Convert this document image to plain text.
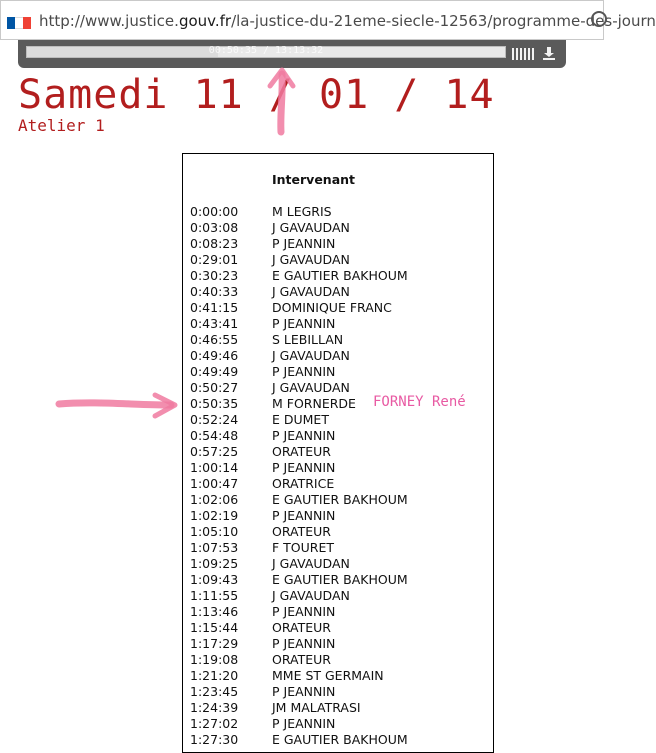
http://www.justice.gouv.fr/la-justice-du-21eme-siecle-12563/programme-des-journ
00:50:35 / 13:13:32
Samedi 11 / 01 / 14
Atelier 1
Intervenant
0:00:00	M LEGRIS
0:03:08	J GAVAUDAN
0:08:23	P JEANNIN
0:29:01	J GAVAUDAN
0:30:23	E GAUTIER BAKHOUM
0:40:33	J GAVAUDAN
0:41:15	DOMINIQUE FRANC
0:43:41	P JEANNIN
0:46:55	S LEBILLAN
0:49:46	J GAVAUDAN
0:49:49	P JEANNIN
0:50:27	J GAVAUDAN
0:50:35	M FORNERDE
0:52:24	E DUMET
0:54:48	P JEANNIN
0:57:25	ORATEUR
1:00:14	P JEANNIN
1:00:47	ORATRICE
1:02:06	E GAUTIER BAKHOUM
1:02:19	P JEANNIN
1:05:10	ORATEUR
1:07:53	F TOURET
1:09:25	J GAVAUDAN
1:09:43	E GAUTIER BAKHOUM
1:11:55	J GAVAUDAN
1:13:46	P JEANNIN
1:15:44	ORATEUR
1:17:29	P JEANNIN
1:19:08	ORATEUR
1:21:20	MME ST GERMAIN
1:23:45	P JEANNIN
1:24:39	JM MALATRASI
1:27:02	P JEANNIN
1:27:30	E GAUTIER BAKHOUM
FORNEY René
